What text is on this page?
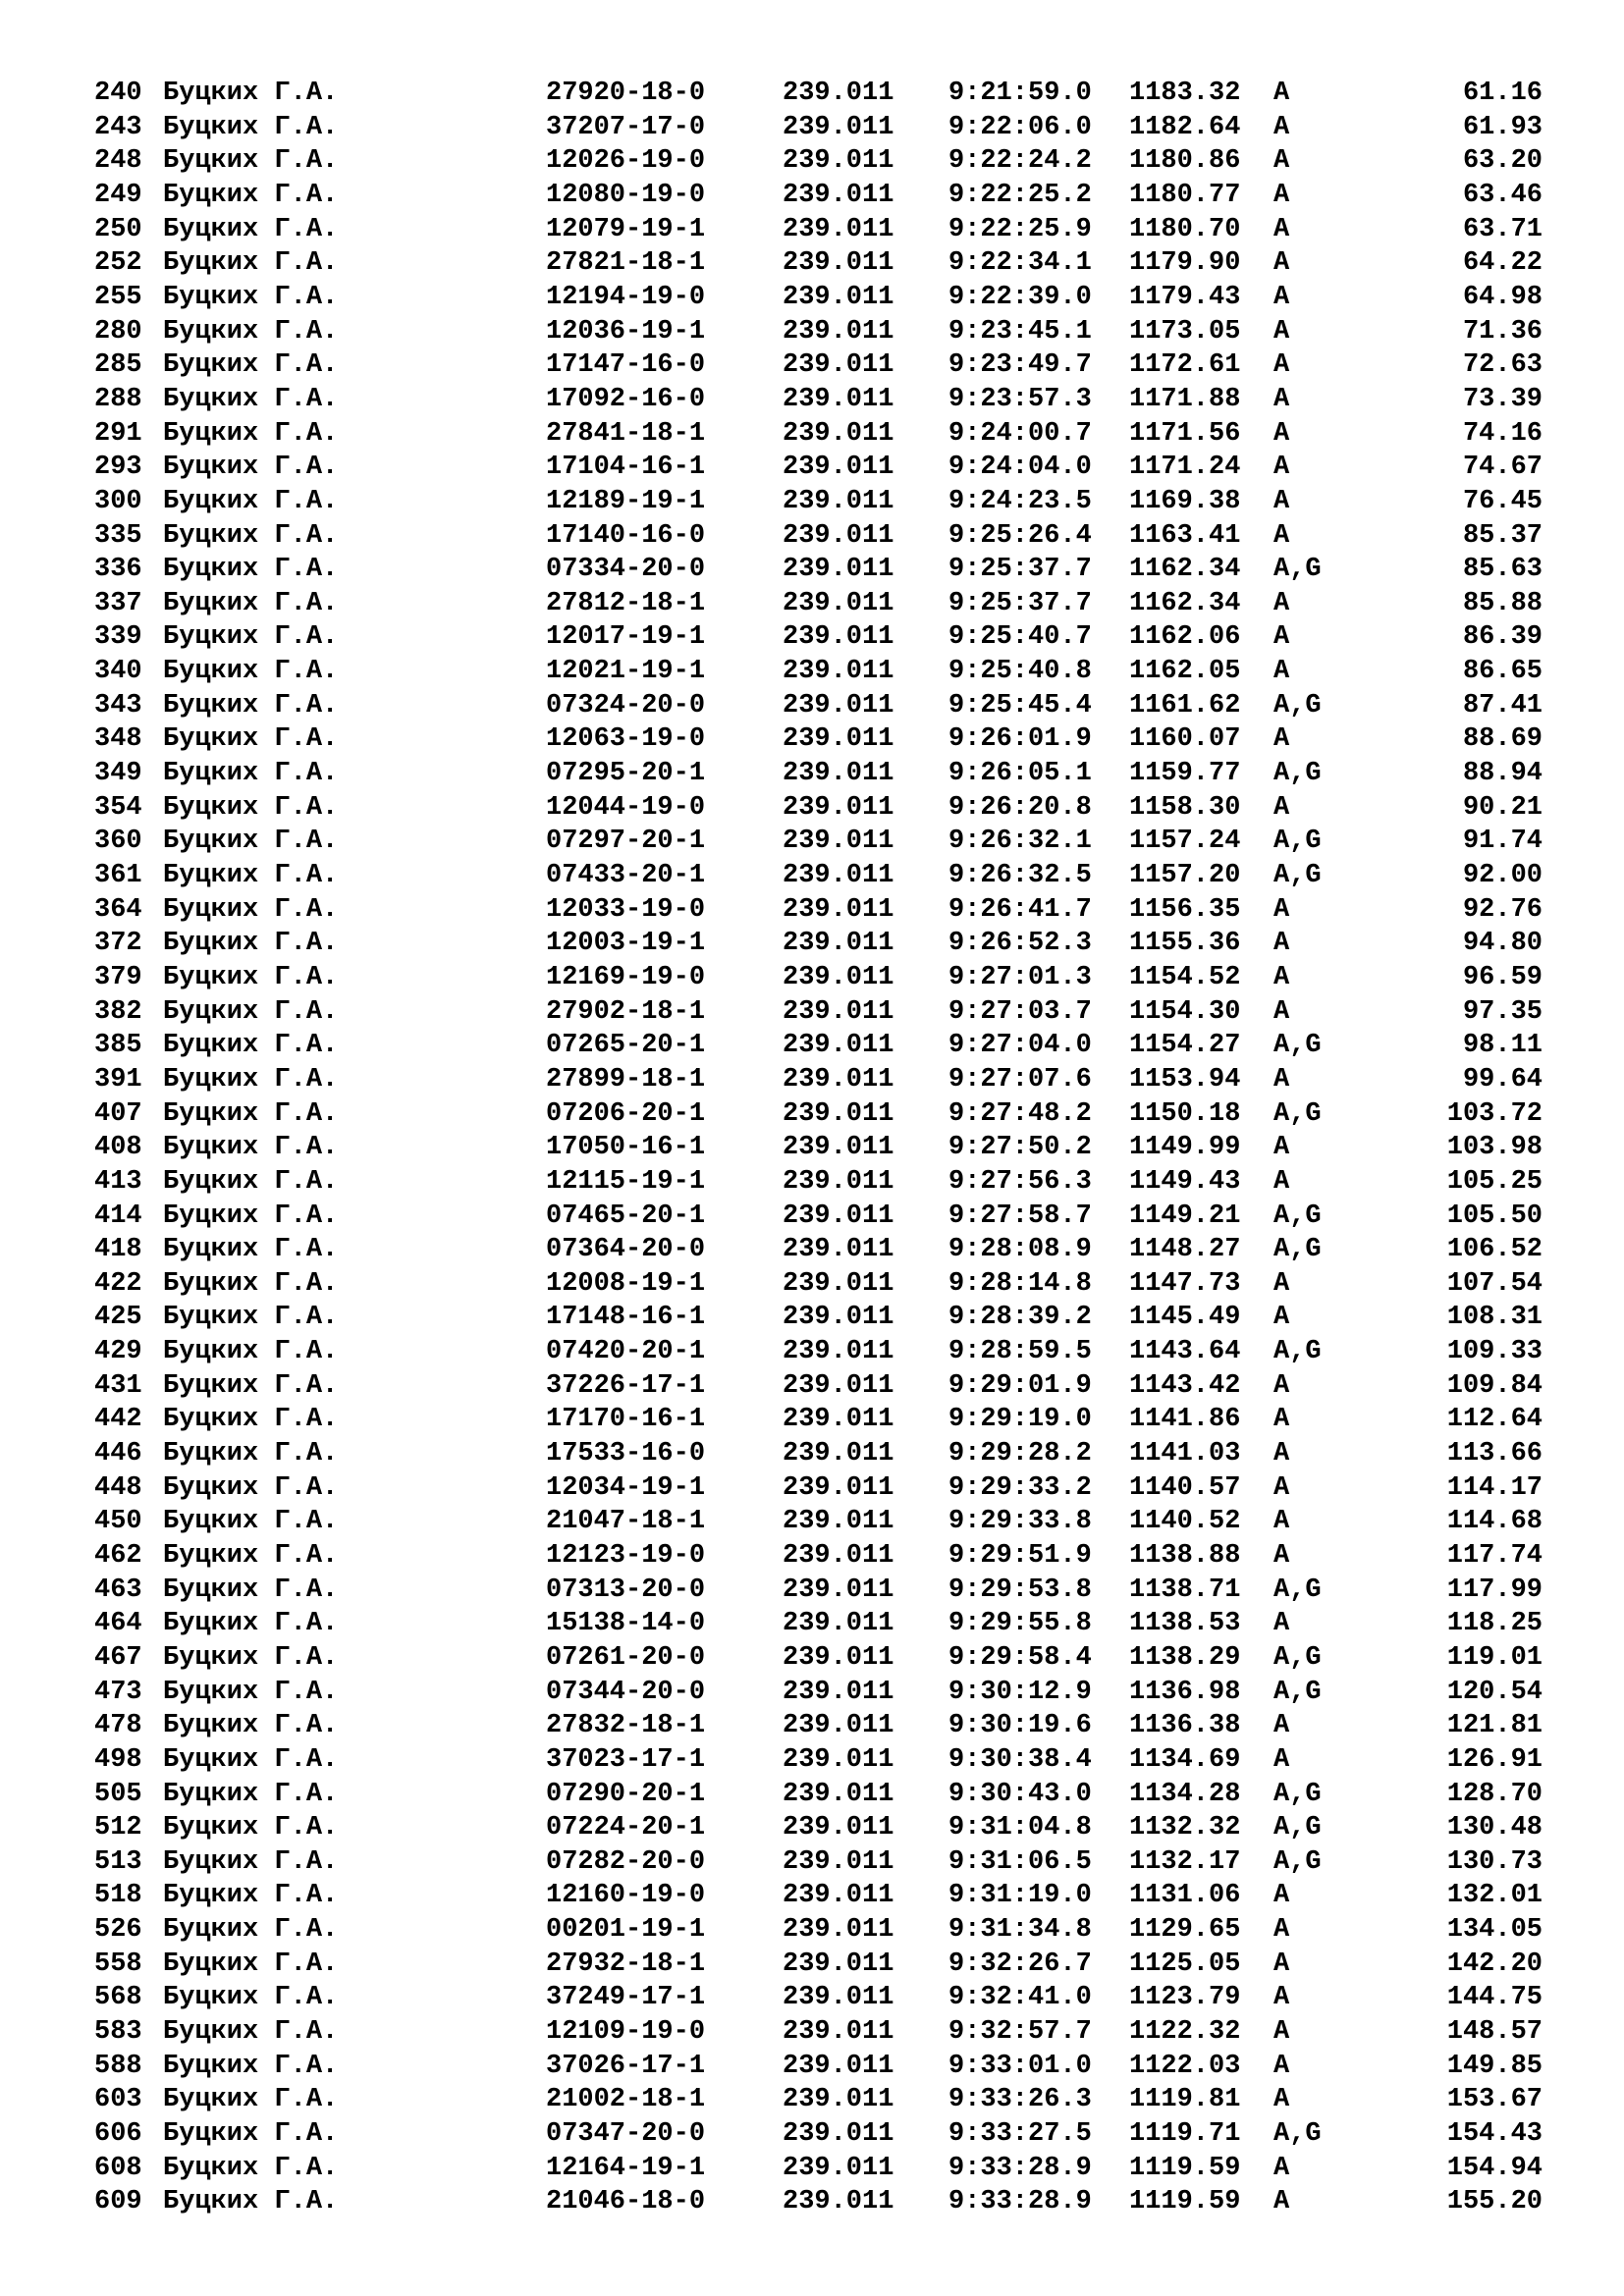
240 Буцких Г.А.	27920-18-0	239.011 9:21:59.0 1183.32 A	61.16
243 Буцких Г.А.	37207-17-0	239.011 9:22:06.0 1182.64 A	61.93
248 Буцких Г.А.	12026-19-0	239.011 9:22:24.2 1180.86 A	63.20
249 Буцких Г.А.	12080-19-0	239.011 9:22:25.2 1180.77 A	63.46
250 Буцких Г.А.	12079-19-1	239.011 9:22:25.9 1180.70 A	63.71
252 Буцких Г.А.	27821-18-1	239.011 9:22:34.1 1179.90 A	64.22
255 Буцких Г.А.	12194-19-0	239.011 9:22:39.0 1179.43 A	64.98
280 Буцких Г.А.	12036-19-1	239.011 9:23:45.1 1173.05 A	71.36
285 Буцких Г.А.	17147-16-0	239.011 9:23:49.7 1172.61 A	72.63
288 Буцких Г.А.	17092-16-0	239.011 9:23:57.3 1171.88 A	73.39
291 Буцких Г.А.	27841-18-1	239.011 9:24:00.7 1171.56 A	74.16
293 Буцких Г.А.	17104-16-1	239.011 9:24:04.0 1171.24 A	74.67
300 Буцких Г.А.	12189-19-1	239.011 9:24:23.5 1169.38 A	76.45
335 Буцких Г.А.	17140-16-0	239.011 9:25:26.4 1163.41 A	85.37
336 Буцких Г.А.	07334-20-0	239.011 9:25:37.7 1162.34 A,G	85.63
337 Буцких Г.А.	27812-18-1	239.011 9:25:37.7 1162.34 A	85.88
339 Буцких Г.А.	12017-19-1	239.011 9:25:40.7 1162.06 A	86.39
340 Буцких Г.А.	12021-19-1	239.011 9:25:40.8 1162.05 A	86.65
343 Буцких Г.А.	07324-20-0	239.011 9:25:45.4 1161.62 A,G	87.41
348 Буцких Г.А.	12063-19-0	239.011 9:26:01.9 1160.07 A	88.69
349 Буцких Г.А.	07295-20-1	239.011 9:26:05.1 1159.77 A,G	88.94
354 Буцких Г.А.	12044-19-0	239.011 9:26:20.8 1158.30 A	90.21
360 Буцких Г.А.	07297-20-1	239.011 9:26:32.1 1157.24 A,G	91.74
361 Буцких Г.А.	07433-20-1	239.011 9:26:32.5 1157.20 A,G	92.00
364 Буцких Г.А.	12033-19-0	239.011 9:26:41.7 1156.35 A	92.76
372 Буцких Г.А.	12003-19-1	239.011 9:26:52.3 1155.36 A	94.80
379 Буцких Г.А.	12169-19-0	239.011 9:27:01.3 1154.52 A	96.59
382 Буцких Г.А.	27902-18-1	239.011 9:27:03.7 1154.30 A	97.35
385 Буцких Г.А.	07265-20-1	239.011 9:27:04.0 1154.27 A,G	98.11
391 Буцких Г.А.	27899-18-1	239.011 9:27:07.6 1153.94 A	99.64
407 Буцких Г.А.	07206-20-1	239.011 9:27:48.2 1150.18 A,G	103.72
408 Буцких Г.А.	17050-16-1	239.011 9:27:50.2 1149.99 A	103.98
413 Буцких Г.А.	12115-19-1	239.011 9:27:56.3 1149.43 A	105.25
414 Буцких Г.А.	07465-20-1	239.011 9:27:58.7 1149.21 A,G	105.50
418 Буцких Г.А.	07364-20-0	239.011 9:28:08.9 1148.27 A,G	106.52
422 Буцких Г.А.	12008-19-1	239.011 9:28:14.8 1147.73 A	107.54
425 Буцких Г.А.	17148-16-1	239.011 9:28:39.2 1145.49 A	108.31
429 Буцких Г.А.	07420-20-1	239.011 9:28:59.5 1143.64 A,G	109.33
431 Буцких Г.А.	37226-17-1	239.011 9:29:01.9 1143.42 A	109.84
442 Буцких Г.А.	17170-16-1	239.011 9:29:19.0 1141.86 A	112.64
446 Буцких Г.А.	17533-16-0	239.011 9:29:28.2 1141.03 A	113.66
448 Буцких Г.А.	12034-19-1	239.011 9:29:33.2 1140.57 A	114.17
450 Буцких Г.А.	21047-18-1	239.011 9:29:33.8 1140.52 A	114.68
462 Буцких Г.А.	12123-19-0	239.011 9:29:51.9 1138.88 A	117.74
463 Буцких Г.А.	07313-20-0	239.011 9:29:53.8 1138.71 A,G	117.99
464 Буцких Г.А.	15138-14-0	239.011 9:29:55.8 1138.53 A	118.25
467 Буцких Г.А.	07261-20-0	239.011 9:29:58.4 1138.29 A,G	119.01
473 Буцких Г.А.	07344-20-0	239.011 9:30:12.9 1136.98 A,G	120.54
478 Буцких Г.А.	27832-18-1	239.011 9:30:19.6 1136.38 A	121.81
498 Буцких Г.А.	37023-17-1	239.011 9:30:38.4 1134.69 A	126.91
505 Буцких Г.А.	07290-20-1	239.011 9:30:43.0 1134.28 A,G	128.70
512 Буцких Г.А.	07224-20-1	239.011 9:31:04.8 1132.32 A,G	130.48
513 Буцких Г.А.	07282-20-0	239.011 9:31:06.5 1132.17 A,G	130.73
518 Буцких Г.А.	12160-19-0	239.011 9:31:19.0 1131.06 A	132.01
526 Буцких Г.А.	00201-19-1	239.011 9:31:34.8 1129.65 A	134.05
558 Буцких Г.А.	27932-18-1	239.011 9:32:26.7 1125.05 A	142.20
568 Буцких Г.А.	37249-17-1	239.011 9:32:41.0 1123.79 A	144.75
583 Буцких Г.А.	12109-19-0	239.011 9:32:57.7 1122.32 A	148.57
588 Буцких Г.А.	37026-17-1	239.011 9:33:01.0 1122.03 A	149.85
603 Буцких Г.А.	21002-18-1	239.011 9:33:26.3 1119.81 A	153.67
606 Буцких Г.А.	07347-20-0	239.011 9:33:27.5 1119.71 A,G	154.43
608 Буцких Г.А.	12164-19-1	239.011 9:33:28.9 1119.59 A	154.94
609 Буцких Г.А.	21046-18-0	239.011 9:33:28.9 1119.59 A	155.20
